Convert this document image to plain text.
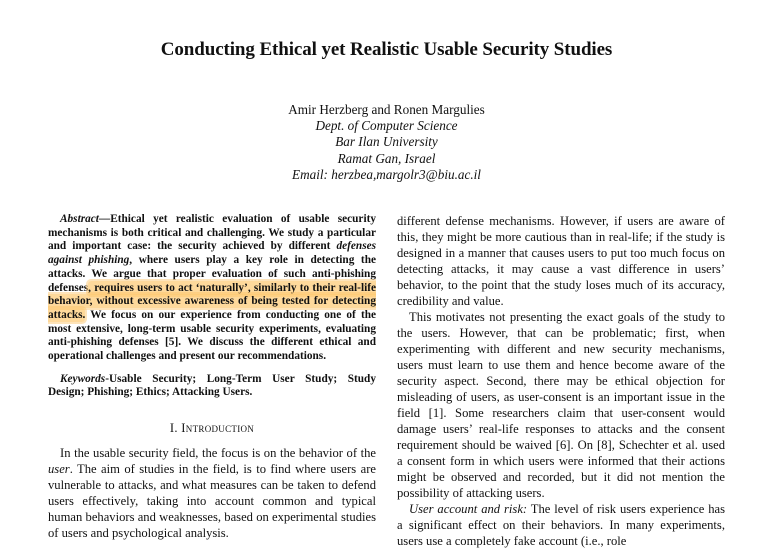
Conducting Ethical yet Realistic Usable Security Studies
Amir Herzberg and Ronen Margulies
Dept. of Computer Science
Bar Ilan University
Ramat Gan, Israel
Email: herzbea,margolr3@biu.ac.il

Abstract—Ethical yet realistic evaluation of usable security mechanisms is both critical and challenging. We study a particular and important case: the security achieved by different defenses against phishing, where users play a key role in detecting the attacks. We argue that proper evaluation of such anti-phishing defenses, requires users to act ‘naturally’, similarly to their real-life behavior, without excessive awareness of being tested for detecting attacks. We focus on our experience from conducting one of the most extensive, long-term usable security experiments, evaluating anti-phishing defenses [5]. We discuss the different ethical and operational challenges and present our recommendations.

Keywords-Usable Security; Long-Term User Study; Study Design; Phishing; Ethics; Attacking Users.

I. Introduction

In the usable security field, the focus is on the behavior of the user. The aim of studies in the field, is to find where users are vulnerable to attacks, and what measures can be taken to defend users effectively, taking into account common and typical human behaviors and weaknesses, based on experimental studies of users and psychological analysis.

different defense mechanisms. However, if users are aware of this, they might be more cautious than in real-life; if the study is designed in a manner that causes users to put too much focus on detecting attacks, it may cause a vast difference in users’ behavior, to the point that the study loses much of its accuracy, credibility and value.

This motivates not presenting the exact goals of the study to the users. However, that can be problematic; first, when experimenting with different and new security mechanisms, users must learn to use them and hence become aware of the security aspect. Second, there may be ethical objection for misleading of users, as user-consent is an important issue in the field [1]. Some researchers claim that user-consent would damage users’ real-life responses to attacks and the consent requirement should be waived [6]. On [8], Schechter et al. used a consent form in which users were informed that their actions might be observed and recorded, but it did not mention the possibility of attacking users.

User account and risk: The level of risk users experience has a significant effect on their behaviors. In many experiments, users use a completely fake account (i.e., role
